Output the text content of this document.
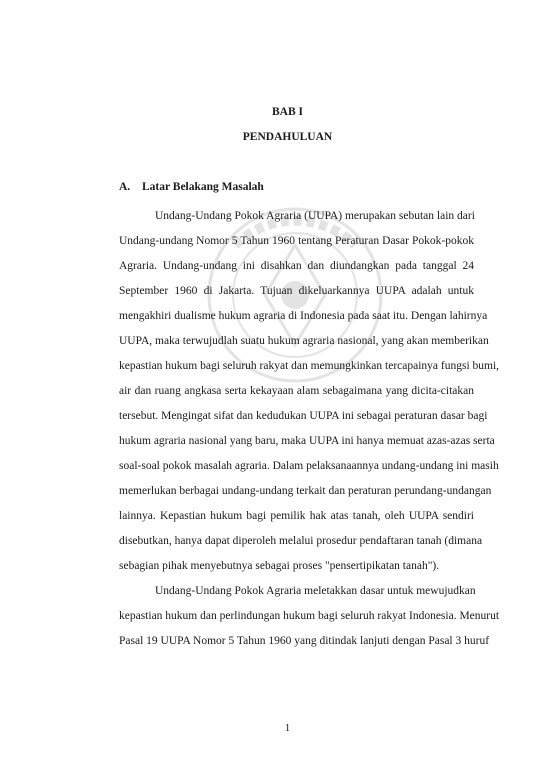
BAB I
PENDAHULUAN
A. Latar Belakang Masalah
Undang-Undang Pokok Agraria (UUPA) merupakan sebutan lain dari
Undang-undang Nomor 5 Tahun 1960 tentang Peraturan Dasar Pokok-pokok
Agraria. Undang-undang ini disahkan dan diundangkan pada tanggal 24
September 1960 di Jakarta. Tujuan dikeluarkannya UUPA adalah untuk
mengakhiri dualisme hukum agraria di Indonesia pada saat itu. Dengan lahirnya
UUPA, maka terwujudlah suatu hukum agraria nasional, yang akan memberikan
kepastian hukum bagi seluruh rakyat dan memungkinkan tercapainya fungsi bumi,
air dan ruang angkasa serta kekayaan alam sebagaimana yang dicita-citakan
tersebut. Mengingat sifat dan kedudukan UUPA ini sebagai peraturan dasar bagi
hukum agraria nasional yang baru, maka UUPA ini hanya memuat azas-azas serta
soal-soal pokok masalah agraria. Dalam pelaksanaannya undang-undang ini masih
memerlukan berbagai undang-undang terkait dan peraturan perundang-undangan
lainnya. Kepastian hukum bagi pemilik hak atas tanah, oleh UUPA sendiri
disebutkan, hanya dapat diperoleh melalui prosedur pendaftaran tanah (dimana
sebagian pihak menyebutnya sebagai proses "pensertipikatan tanah").
Undang-Undang Pokok Agraria meletakkan dasar untuk mewujudkan
kepastian hukum dan perlindungan hukum bagi seluruh rakyat Indonesia. Menurut
Pasal 19 UUPA Nomor 5 Tahun 1960 yang ditindak lanjuti dengan Pasal 3 huruf
1
